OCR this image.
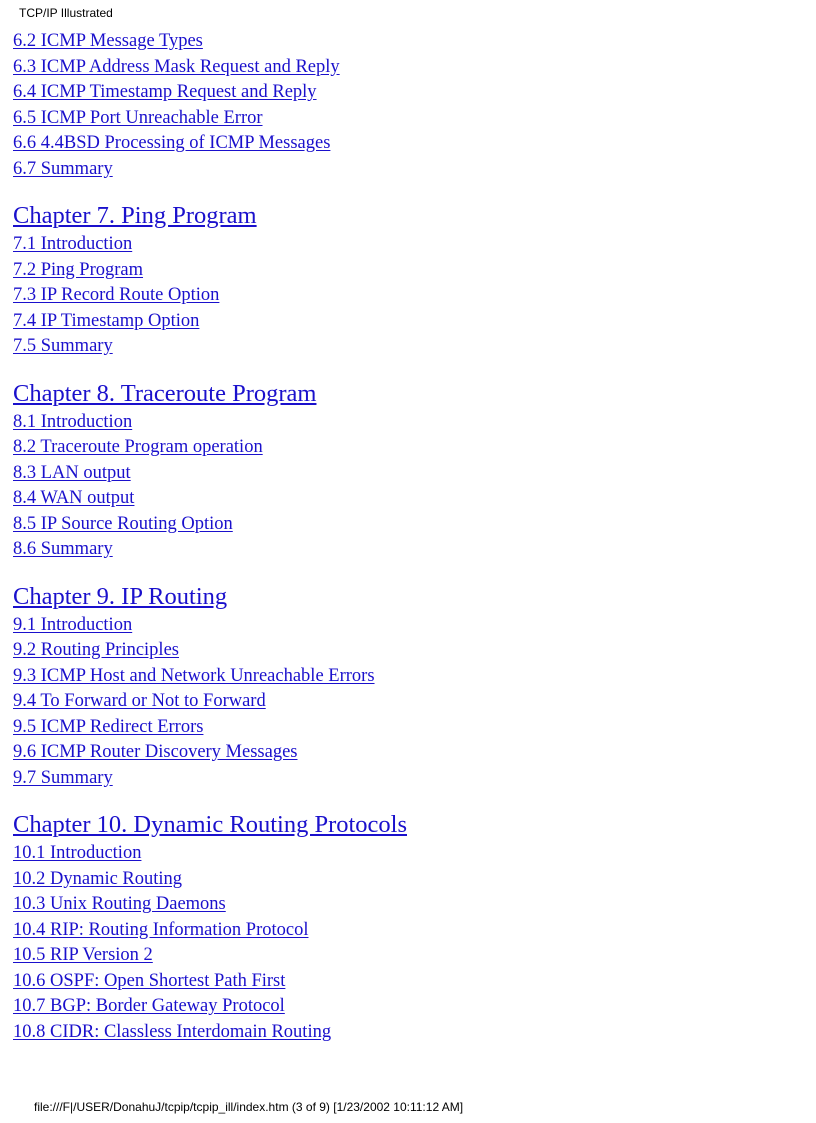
TCP/IP Illustrated
6.2 ICMP Message Types
6.3 ICMP Address Mask Request and Reply
6.4 ICMP Timestamp Request and Reply
6.5 ICMP Port Unreachable Error
6.6 4.4BSD Processing of ICMP Messages
6.7 Summary
Chapter 7. Ping Program
7.1 Introduction
7.2 Ping Program
7.3 IP Record Route Option
7.4 IP Timestamp Option
7.5 Summary
Chapter 8. Traceroute Program
8.1 Introduction
8.2 Traceroute Program operation
8.3 LAN output
8.4 WAN output
8.5 IP Source Routing Option
8.6 Summary
Chapter 9. IP Routing
9.1 Introduction
9.2 Routing Principles
9.3 ICMP Host and Network Unreachable Errors
9.4 To Forward or Not to Forward
9.5 ICMP Redirect Errors
9.6 ICMP Router Discovery Messages
9.7 Summary
Chapter 10. Dynamic Routing Protocols
10.1 Introduction
10.2 Dynamic Routing
10.3 Unix Routing Daemons
10.4 RIP: Routing Information Protocol
10.5 RIP Version 2
10.6 OSPF: Open Shortest Path First
10.7 BGP: Border Gateway Protocol
10.8 CIDR: Classless Interdomain Routing
file:///F|/USER/DonahuJ/tcpip/tcpip_ill/index.htm (3 of 9) [1/23/2002 10:11:12 AM]
